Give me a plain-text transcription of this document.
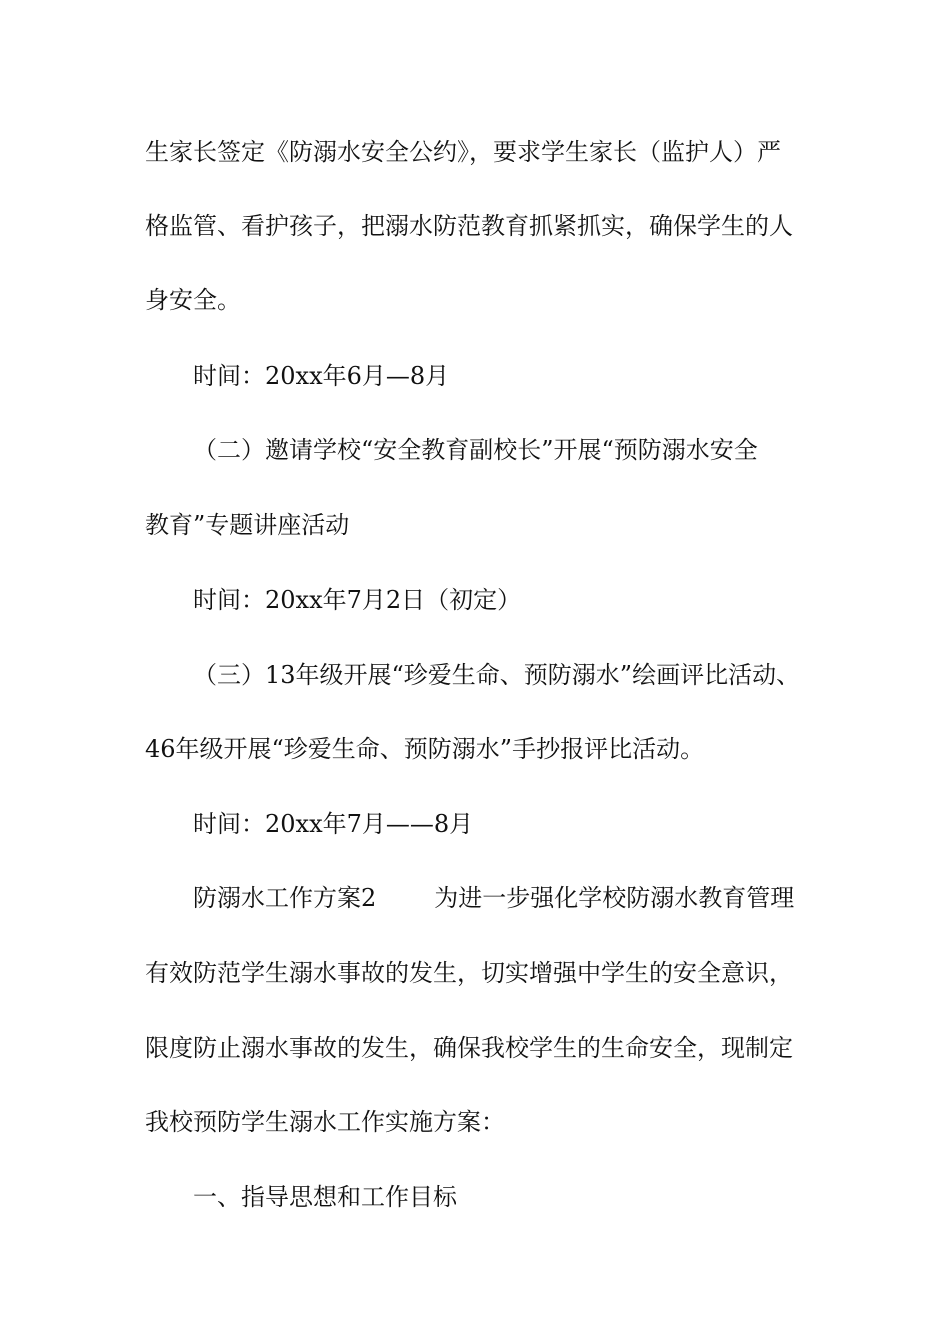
生家长签定《防溺水安全公约》，要求学生家长（监护人）严
格监管、看护孩子，把溺水防范教育抓紧抓实，确保学生的人
身安全。
时间：20xx年6月—8月
（二）邀请学校“安全教育副校长”开展“预防溺水安全
教育”专题讲座活动
时间：20xx年7月2日（初定）
（三）13年级开展“珍爱生命、预防溺水”绘画评比活动、
46年级开展“珍爱生命、预防溺水”手抄报评比活动。
时间：20xx年7月——8月
防溺水工作方案2 为进一步强化学校防溺水教育管理
有效防范学生溺水事故的发生，切实增强中学生的安全意识，
限度防止溺水事故的发生，确保我校学生的生命安全，现制定
我校预防学生溺水工作实施方案：
一、指导思想和工作目标
